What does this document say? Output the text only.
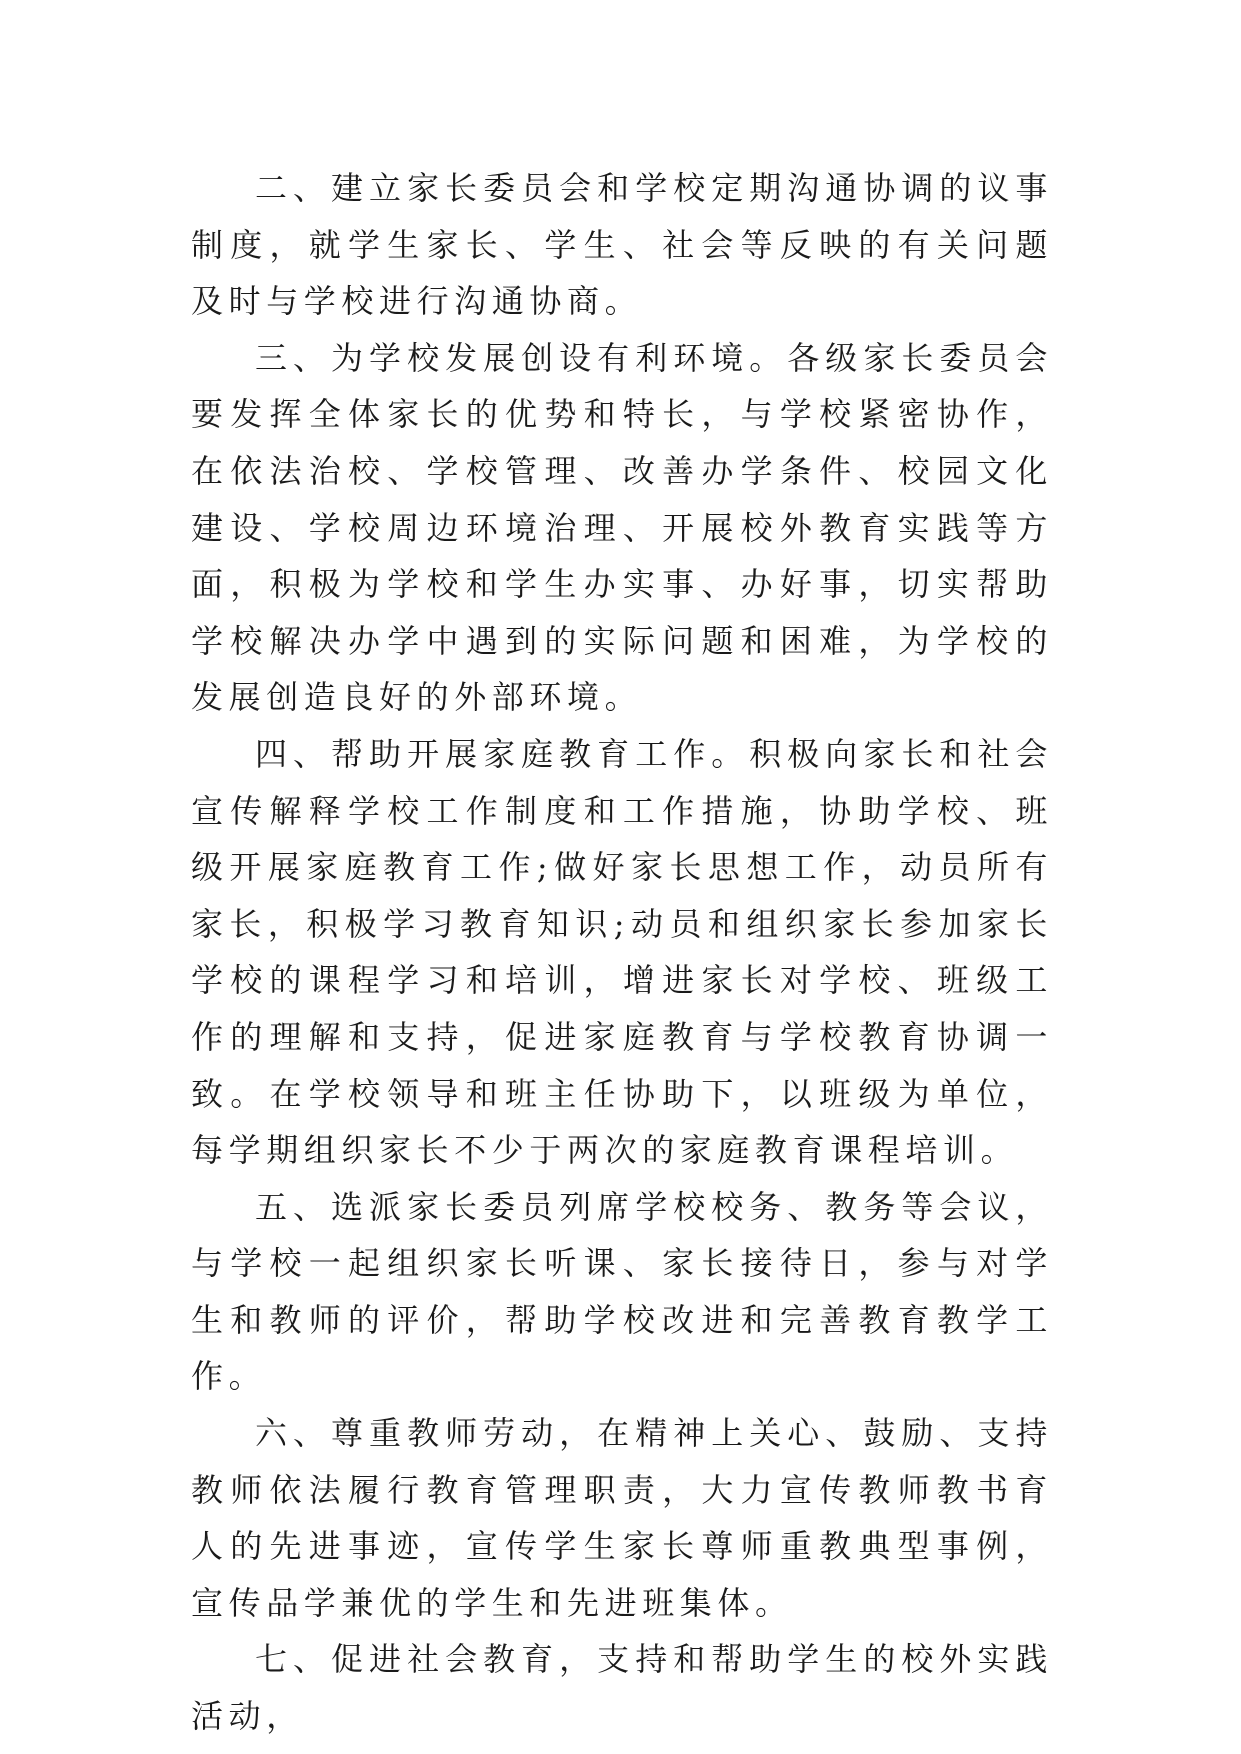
二、建立家长委员会和学校定期沟通协调的议事制度，就学生家长、学生、社会等反映的有关问题及时与学校进行沟通协商。

三、为学校发展创设有利环境。各级家长委员会要发挥全体家长的优势和特长，与学校紧密协作，在依法治校、学校管理、改善办学条件、校园文化建设、学校周边环境治理、开展校外教育实践等方面，积极为学校和学生办实事、办好事，切实帮助学校解决办学中遇到的实际问题和困难，为学校的发展创造良好的外部环境。

四、帮助开展家庭教育工作。积极向家长和社会宣传解释学校工作制度和工作措施，协助学校、班级开展家庭教育工作;做好家长思想工作，动员所有家长，积极学习教育知识;动员和组织家长参加家长学校的课程学习和培训，增进家长对学校、班级工作的理解和支持，促进家庭教育与学校教育协调一致。在学校领导和班主任协助下，以班级为单位，每学期组织家长不少于两次的家庭教育课程培训。

五、选派家长委员列席学校校务、教务等会议，与学校一起组织家长听课、家长接待日，参与对学生和教师的评价，帮助学校改进和完善教育教学工作。

六、尊重教师劳动，在精神上关心、鼓励、支持教师依法履行教育管理职责，大力宣传教师教书育人的先进事迹，宣传学生家长尊师重教典型事例，宣传品学兼优的学生和先进班集体。

七、促进社会教育，支持和帮助学生的校外实践活动，
